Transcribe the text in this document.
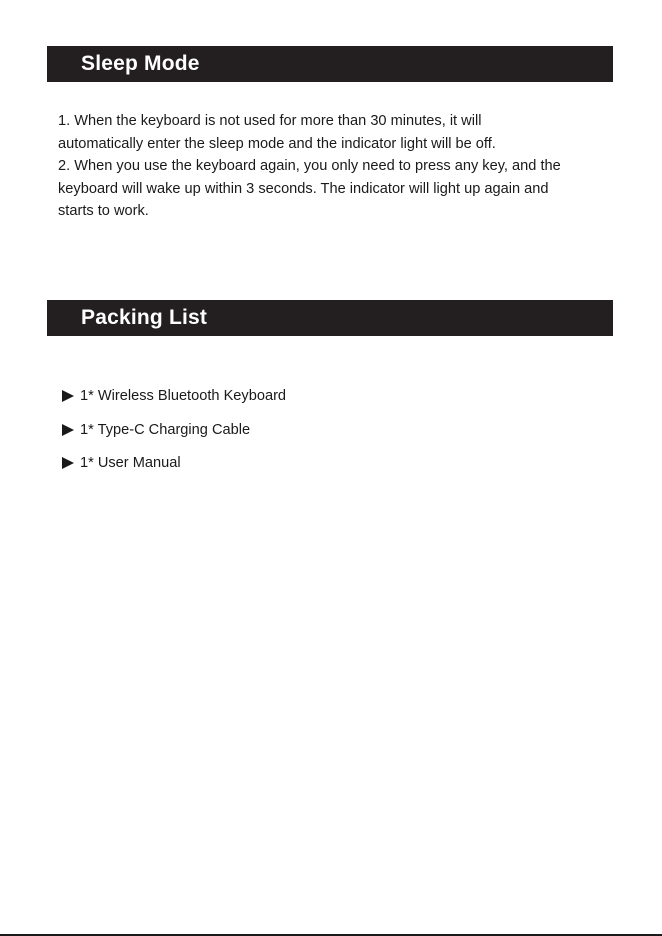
Sleep Mode

1. When the keyboard is not used for more than 30 minutes, it will

automatically enter the sleep mode and the indicator light will be off.

2. When you use the keyboard again, you only need to press any key, and the

keyboard will wake up within 3 seconds. The indicator will light up again and

starts to work.

Packing List
1* Wireless Bluetooth Keyboard
1* Type-C Charging Cable
1* User Manual
